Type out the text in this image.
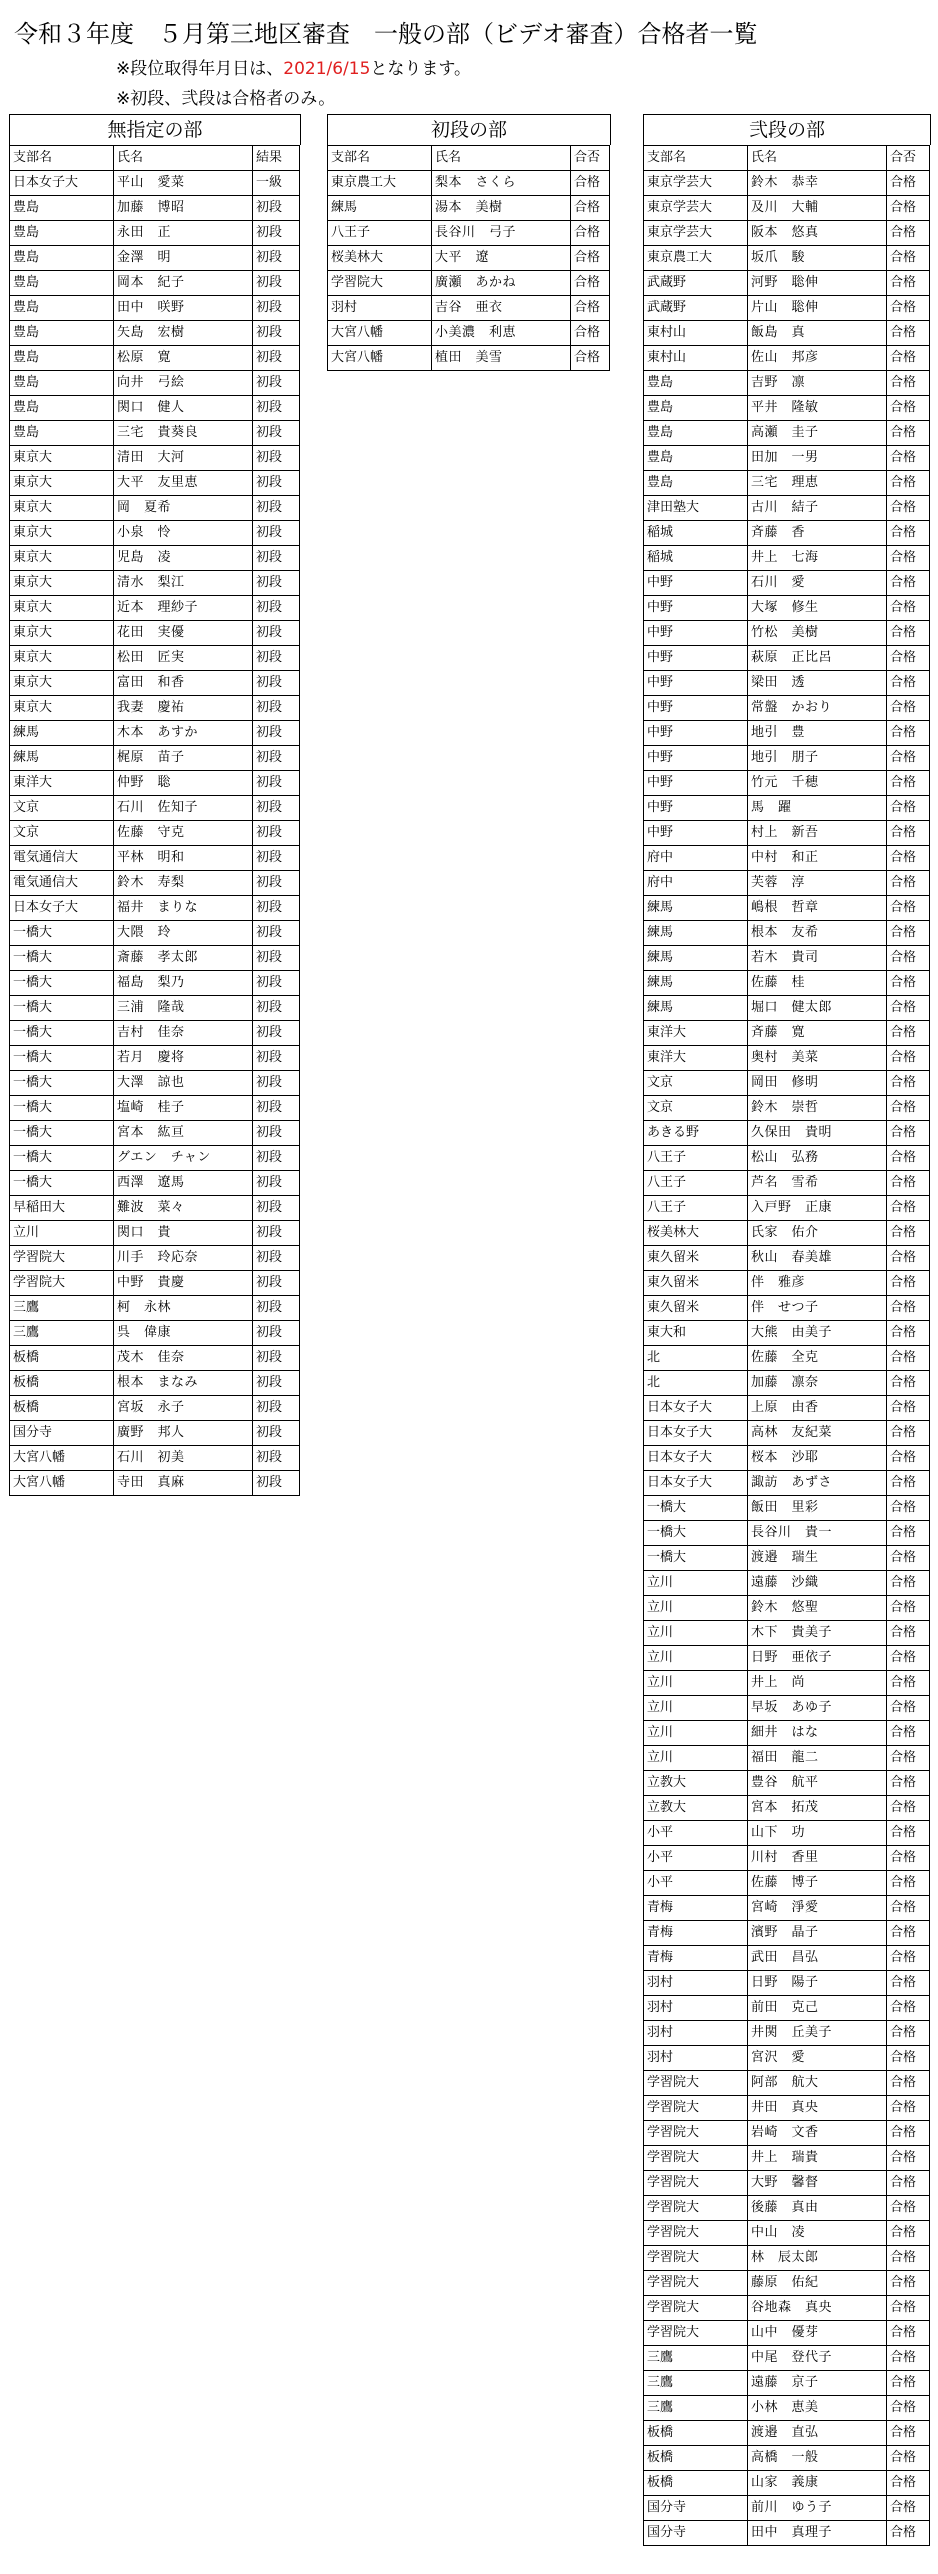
令和３年度　５月第三地区審査　一般の部（ビデオ審査）合格者一覧
※段位取得年月日は、2021/6/15となります。
※初段、弐段は合格者のみ。
無指定の部
支部名	氏名	結果
日本女子大	平山　愛菜	一級
豊島	加藤　博昭	初段
豊島	永田　正	初段
豊島	金澤　明	初段
豊島	岡本　紀子	初段
豊島	田中　咲野	初段
豊島	矢島　宏樹	初段
豊島	松原　寛	初段
豊島	向井　弓絵	初段
豊島	関口　健人	初段
豊島	三宅　貴葵良	初段
東京大	清田　大河	初段
東京大	大平　友里恵	初段
東京大	岡　夏希	初段
東京大	小泉　怜	初段
東京大	児島　凌	初段
東京大	清水　梨江	初段
東京大	近本　理紗子	初段
東京大	花田　実優	初段
東京大	松田　匠実	初段
東京大	富田　和香	初段
東京大	我妻　慶祐	初段
練馬	木本　あすか	初段
練馬	梶原　苗子	初段
東洋大	仲野　聡	初段
文京	石川　佐知子	初段
文京	佐藤　守克	初段
電気通信大	平林　明和	初段
電気通信大	鈴木　寿梨	初段
日本女子大	福井　まりな	初段
一橋大	大隈　玲	初段
一橋大	斎藤　孝太郎	初段
一橋大	福島　梨乃	初段
一橋大	三浦　隆哉	初段
一橋大	吉村　佳奈	初段
一橋大	若月　慶将	初段
一橋大	大澤　諒也	初段
一橋大	塩崎　桂子	初段
一橋大	宮本　紘亘	初段
一橋大	グエン　チャン	初段
一橋大	西澤　遼馬	初段
早稲田大	難波　菜々	初段
立川	関口　貴	初段
学習院大	川手　玲応奈	初段
学習院大	中野　貴慶	初段
三鷹	柯　永林	初段
三鷹	呉　偉康	初段
板橋	茂木　佳奈	初段
板橋	根本　まなみ	初段
板橋	宮坂　永子	初段
国分寺	廣野　邦人	初段
大宮八幡	石川　初美	初段
大宮八幡	寺田　真麻	初段
初段の部
支部名	氏名	合否
東京農工大	梨本　さくら	合格
練馬	湯本　美樹	合格
八王子	長谷川　弓子	合格
桜美林大	大平　遼	合格
学習院大	廣瀬　あかね	合格
羽村	吉谷　亜衣	合格
大宮八幡	小美濃　利恵	合格
大宮八幡	植田　美雪	合格
弐段の部
支部名	氏名	合否
東京学芸大	鈴木　恭幸	合格
東京学芸大	及川　大輔	合格
東京学芸大	阪本　悠真	合格
東京農工大	坂爪　駿	合格
武蔵野	河野　聡伸	合格
武蔵野	片山　聡伸	合格
東村山	飯島　真	合格
東村山	佐山　邦彦	合格
豊島	吉野　凛	合格
豊島	平井　隆敏	合格
豊島	高瀬　圭子	合格
豊島	田加　一男	合格
豊島	三宅　理恵	合格
津田塾大	古川　結子	合格
稲城	斉藤　香	合格
稲城	井上　七海	合格
中野	石川　愛	合格
中野	大塚　修生	合格
中野	竹松　美樹	合格
中野	萩原　正比呂	合格
中野	梁田　透	合格
中野	常盤　かおり	合格
中野	地引　豊	合格
中野	地引　朋子	合格
中野	竹元　千穂	合格
中野	馬　躍	合格
中野	村上　新吾	合格
府中	中村　和正	合格
府中	芙蓉　淳	合格
練馬	嶋根　哲章	合格
練馬	根本　友希	合格
練馬	若木　貴司	合格
練馬	佐藤　桂	合格
練馬	堀口　健太郎	合格
東洋大	斉藤　寛	合格
東洋大	奥村　美菜	合格
文京	岡田　修明	合格
文京	鈴木　崇哲	合格
あきる野	久保田　貴明	合格
八王子	松山　弘務	合格
八王子	芦名　雪希	合格
八王子	入戸野　正康	合格
桜美林大	氏家　佑介	合格
東久留米	秋山　春美雄	合格
東久留米	伴　雅彦	合格
東久留米	伴　せつ子	合格
東大和	大熊　由美子	合格
北	佐藤　全克	合格
北	加藤　凛奈	合格
日本女子大	上原　由香	合格
日本女子大	高林　友紀菜	合格
日本女子大	桜本　沙耶	合格
日本女子大	諏訪　あずさ	合格
一橋大	飯田　里彩	合格
一橋大	長谷川　貴一	合格
一橋大	渡邉　瑞生	合格
立川	遠藤　沙織	合格
立川	鈴木　悠聖	合格
立川	木下　貴美子	合格
立川	日野　亜依子	合格
立川	井上　尚	合格
立川	早坂　あゆ子	合格
立川	細井　はな	合格
立川	福田　龍二	合格
立教大	豊谷　航平	合格
立教大	宮本　拓茂	合格
小平	山下　功	合格
小平	川村　香里	合格
小平	佐藤　博子	合格
青梅	宮崎　淨愛	合格
青梅	濱野　晶子	合格
青梅	武田　昌弘	合格
羽村	日野　陽子	合格
羽村	前田　克己	合格
羽村	井関　丘美子	合格
羽村	宮沢　愛	合格
学習院大	阿部　航大	合格
学習院大	井田　真央	合格
学習院大	岩崎　文香	合格
学習院大	井上　瑞貴	合格
学習院大	大野　馨督	合格
学習院大	後藤　真由	合格
学習院大	中山　凌	合格
学習院大	林　辰太郎	合格
学習院大	藤原　佑紀	合格
学習院大	谷地森　真央	合格
学習院大	山中　優芽	合格
三鷹	中尾　登代子	合格
三鷹	遠藤　京子	合格
三鷹	小林　恵美	合格
板橋	渡邉　直弘	合格
板橋	高橋　一般	合格
板橋	山家　義康	合格
国分寺	前川　ゆう子	合格
国分寺	田中　真理子	合格
